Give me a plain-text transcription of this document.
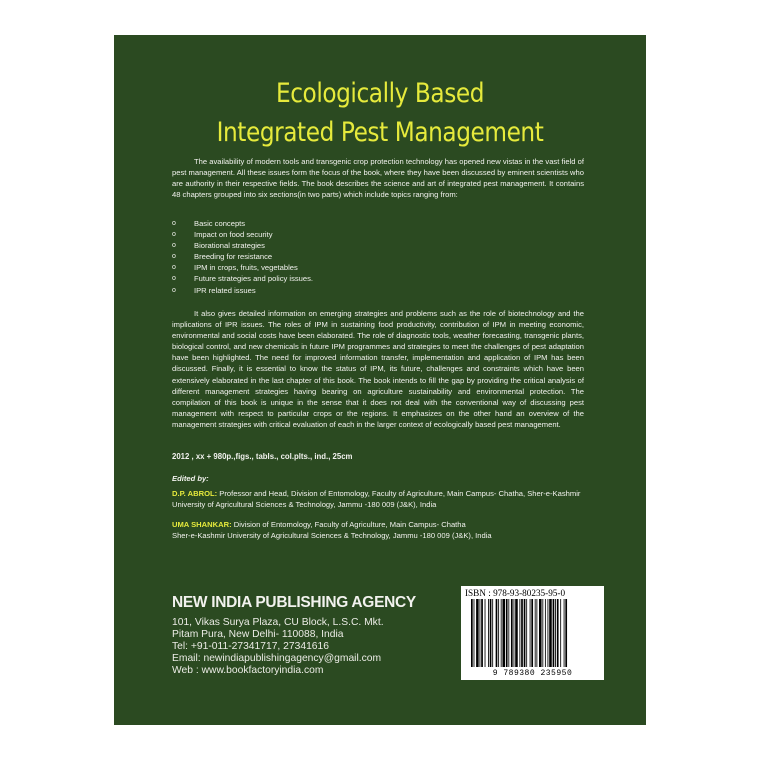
Ecologically Based
Integrated Pest Management

The availability of modern tools and transgenic crop protection technology has opened new vistas in the vast field of pest management. All these issues form the focus of the book, where they have been discussed by eminent scientists who are authority in their respective fields. The book describes the science and art of integrated pest management. It contains 48 chapters grouped into six sections(in two parts) which include topics ranging from:

o Basic concepts
o Impact on food security
o Biorational strategies
o Breeding for resistance
o IPM in crops, fruits, vegetables
o Future strategies and policy issues.
o IPR related issues

It also gives detailed information on emerging strategies and problems such as the role of biotechnology and the implications of IPR issues. The roles of IPM in sustaining food productivity, contribution of IPM in meeting economic, environmental and social costs have been elaborated. The role of diagnostic tools, weather forecasting, transgenic plants, biological control, and new chemicals in future IPM programmes and strategies to meet the challenges of pest adaptation have been highlighted. The need for improved information transfer, implementation and application of IPM has been discussed. Finally, it is essential to know the status of IPM, its future, challenges and constraints which have been extensively elaborated in the last chapter of this book. The book intends to fill the gap by providing the critical analysis of different management strategies having bearing on agriculture sustainability and environmental protection. The compilation of this book is unique in the sense that it does not deal with the conventional way of discussing pest management with respect to particular crops or the regions. It emphasizes on the other hand an overview of the management strategies with critical evaluation of each in the larger context of ecologically based pest management.

2012 , xx + 980p.,figs., tabls., col.plts., ind., 25cm
Edited by:
D.P. ABROL: Professor and Head, Division of Entomology, Faculty of Agriculture, Main Campus- Chatha, Sher-e-Kashmir University of Agricultural Sciences & Technology, Jammu -180 009 (J&K), India
UMA SHANKAR: Division of Entomology, Faculty of Agriculture, Main Campus- Chatha
Sher-e-Kashmir University of Agricultural Sciences & Technology, Jammu -180 009 (J&K), India
NEW INDIA PUBLISHING AGENCY
101, Vikas Surya Plaza, CU Block, L.S.C. Mkt.
Pitam Pura, New Delhi- 110088, India
Tel: +91-011-27341717, 27341616
Email: newindiapublishingagency@gmail.com
Web : www.bookfactoryindia.com
ISBN : 978-93-80235-95-0
9 789380 235950
